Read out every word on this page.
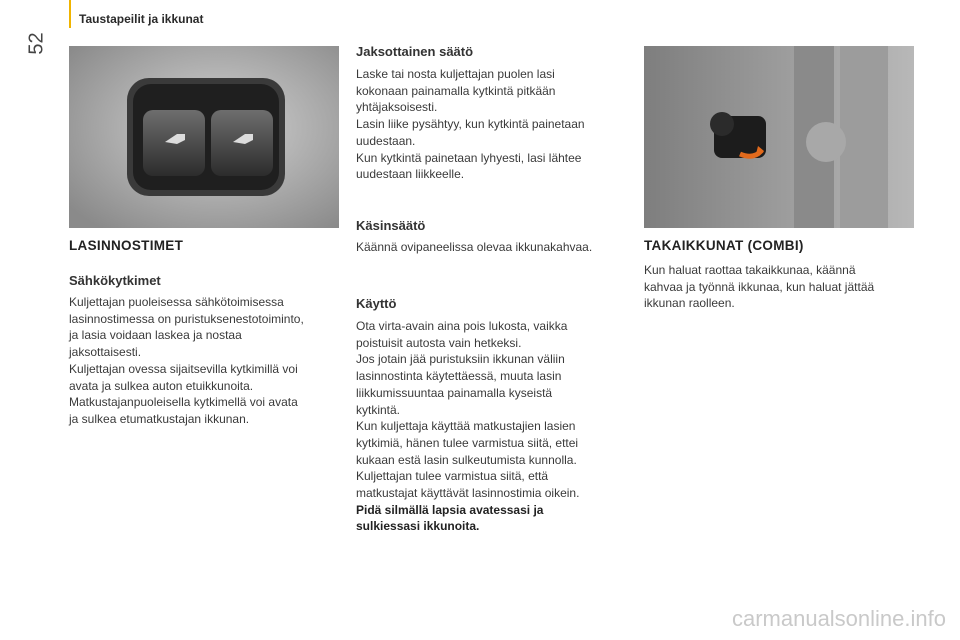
Taustapeilit ja ikkunat
52
LASINNOSTIMET
Sähkökytkimet
Kuljettajan puoleisessa sähkötoimisessa
lasinnostimessa on puristuksenestotoiminto,
ja lasia voidaan laskea ja nostaa
jaksottaisesti.
Kuljettajan ovessa sijaitsevilla kytkimillä voi
avata ja sulkea auton etuikkunoita.
Matkustajanpuoleisella kytkimellä voi avata
ja sulkea etumatkustajan ikkunan.
Jaksottainen säätö
Laske tai nosta kuljettajan puolen lasi
kokonaan painamalla kytkintä pitkään
yhtäjaksoisesti.
Lasin liike pysähtyy, kun kytkintä painetaan
uudestaan.
Kun kytkintä painetaan lyhyesti, lasi lähtee
uudestaan liikkeelle.
Käsinsäätö
Käännä ovipaneelissa olevaa ikkunakahvaa.
Käyttö
Ota virta-avain aina pois lukosta, vaikka
poistuisit autosta vain hetkeksi.
Jos jotain jää puristuksiin ikkunan väliin
lasinnostinta käytettäessä, muuta lasin
liikkumissuuntaa painamalla kyseistä
kytkintä.
Kun kuljettaja käyttää matkustajien lasien
kytkimiä, hänen tulee varmistua siitä, ettei
kukaan estä lasin sulkeutumista kunnolla.
Kuljettajan tulee varmistua siitä, että
matkustajat käyttävät lasinnostimia oikein.
Pidä silmällä lapsia avatessasi ja
sulkiessasi ikkunoita.
TAKAIKKUNAT (COMBI)
Kun haluat raottaa takaikkunaa, käännä
kahvaa ja työnnä ikkunaa, kun haluat jättää
ikkunan raolleen.
carmanualsonline.info
